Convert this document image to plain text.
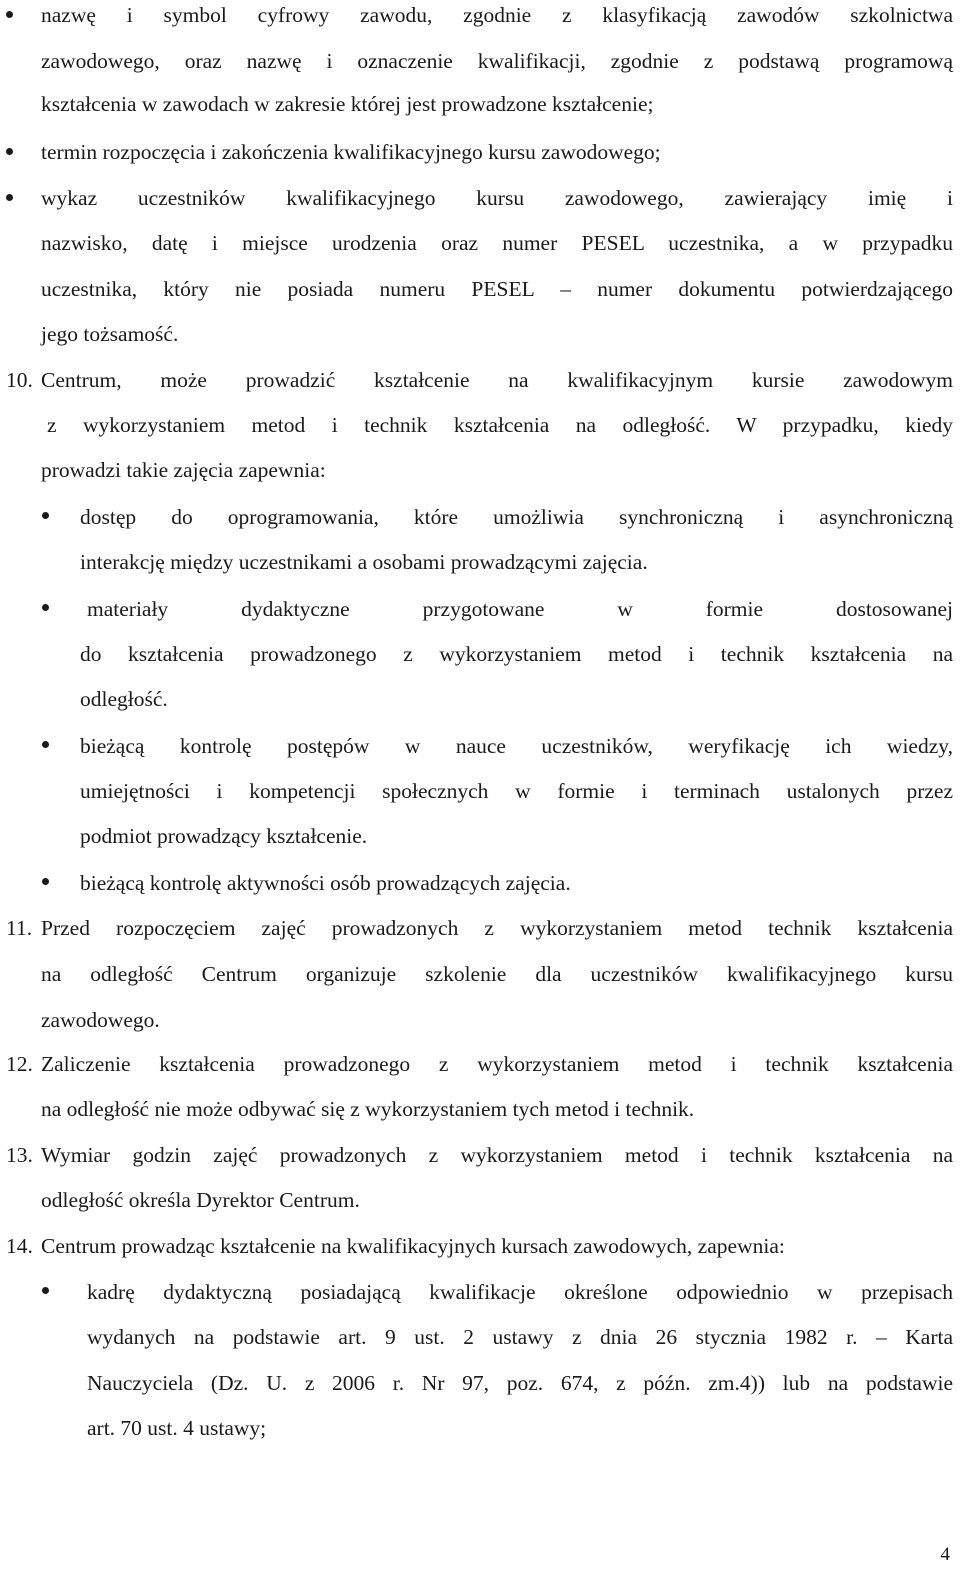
nazwę i symbol cyfrowy zawodu, zgodnie z klasyfikacją zawodów szkolnictwa
zawodowego, oraz nazwę i oznaczenie kwalifikacji, zgodnie z podstawą programową
kształcenia w zawodach w zakresie której jest prowadzone kształcenie;
termin rozpoczęcia i zakończenia kwalifikacyjnego kursu zawodowego;
wykaz uczestników kwalifikacyjnego kursu zawodowego, zawierający imię i
nazwisko, datę i miejsce urodzenia oraz numer PESEL uczestnika, a w przypadku
uczestnika, który nie posiada numeru PESEL – numer dokumentu potwierdzającego
jego tożsamość.
10. Centrum, może prowadzić kształcenie na kwalifikacyjnym kursie zawodowym
z wykorzystaniem metod i technik kształcenia na odległość. W przypadku, kiedy
prowadzi takie zajęcia zapewnia:
dostęp do oprogramowania, które umożliwia synchroniczną i asynchroniczną
interakcję między uczestnikami a osobami prowadzącymi zajęcia.
materiały dydaktyczne przygotowane w formie dostosowanej
do kształcenia prowadzonego z wykorzystaniem metod i technik kształcenia na
odległość.
bieżącą kontrolę postępów w nauce uczestników, weryfikację ich wiedzy,
umiejętności i kompetencji społecznych w formie i terminach ustalonych przez
podmiot prowadzący kształcenie.
bieżącą kontrolę aktywności osób prowadzących zajęcia.
11. Przed rozpoczęciem zajęć prowadzonych z wykorzystaniem metod technik kształcenia
na odległość Centrum organizuje szkolenie dla uczestników kwalifikacyjnego kursu
zawodowego.
12. Zaliczenie kształcenia prowadzonego z wykorzystaniem metod i technik kształcenia
na odległość nie może odbywać się z wykorzystaniem tych metod i technik.
13. Wymiar godzin zajęć prowadzonych z wykorzystaniem metod i technik kształcenia na
odległość określa Dyrektor Centrum.
14. Centrum prowadząc kształcenie na kwalifikacyjnych kursach zawodowych, zapewnia:
kadrę dydaktyczną posiadającą kwalifikacje określone odpowiednio w przepisach
wydanych na podstawie art. 9 ust. 2 ustawy z dnia 26 stycznia 1982 r. – Karta
Nauczyciela (Dz. U. z 2006 r. Nr 97, poz. 674, z późn. zm.4)) lub na podstawie
art. 70 ust. 4 ustawy;
4
